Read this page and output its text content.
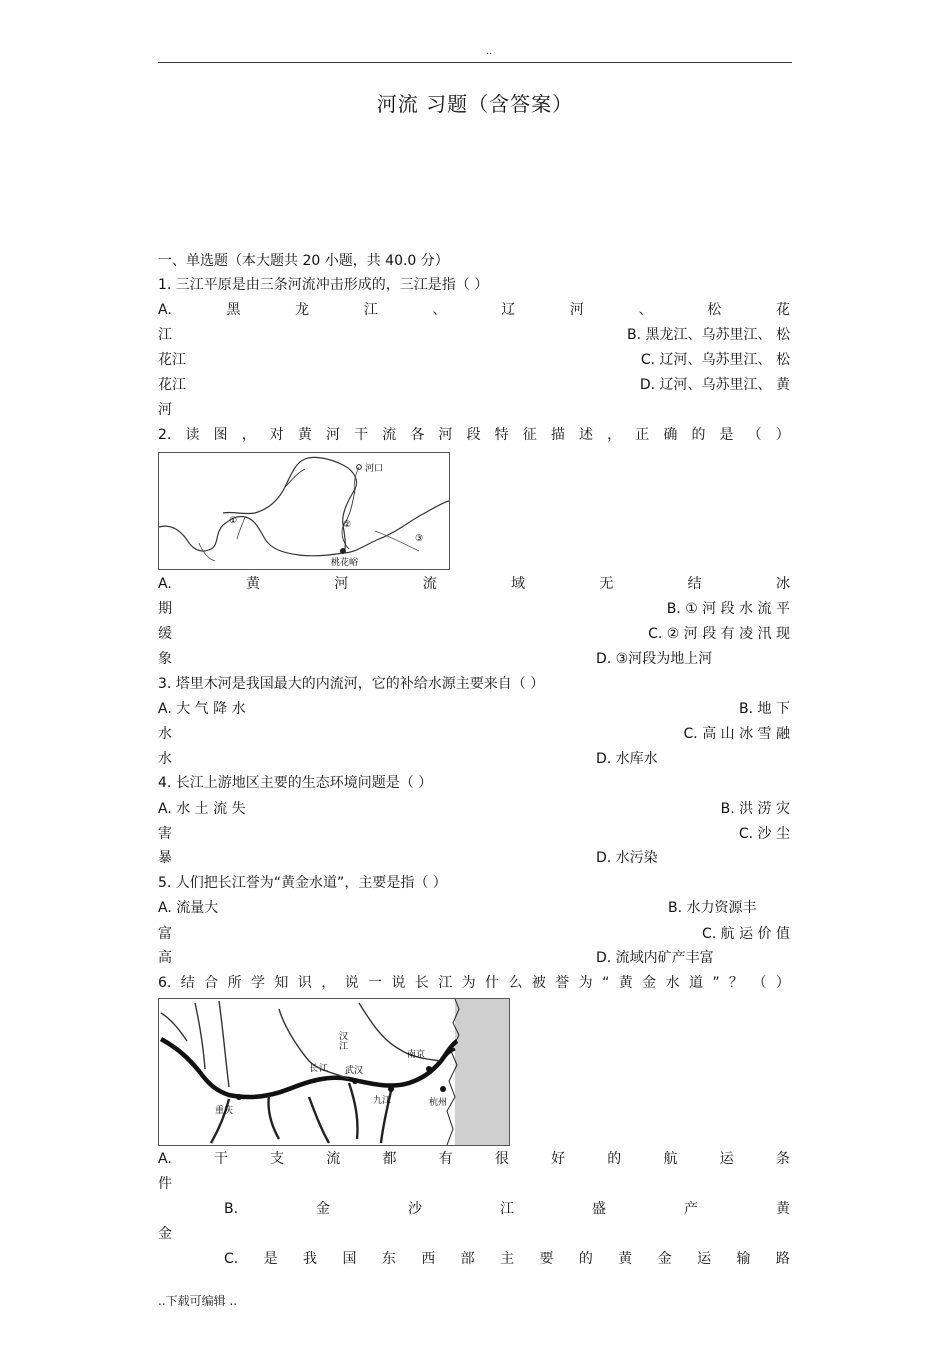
..
河流 习题（含答案）
一、单选题（本大题共 20 小题，共 40.0 分）
1. 三江平原是由三条河流冲击形成的，三江是指（ ）
A.	黑	龙	江	、	辽	河	、	松	花
江	B. 黑龙江、乌苏里江、 松
花江	C. 辽河、乌苏里江、 松
花江	D. 辽河、乌苏里江、 黄
河
2. 读 图 ， 对 黄 河 干 流 各 河 段 特 征 描 述 ， 正 确 的 是 （ ）
河口
桃花峪
①	②
③
A.	黄	河	流	域	无	结	冰
期	B. ① 河 段 水 流 平
缓	C. ② 河 段 有 凌 汛 现
象	D. ③河段为地上河
3. 塔里木河是我国最大的内流河，它的补给水源主要来自（ ）
A. 大 气 降 水	B. 地 下
水	C. 高 山 冰 雪 融
水	D. 水库水
4. 长江上游地区主要的生态环境问题是（ ）
A. 水 土 流 失	B. 洪 涝 灾
害	C. 沙 尘
暴	D. 水污染
5. 人们把长江誉为“黄金水道”，主要是指（ ）
A. 流量大	B. 水力资源丰
富	C. 航 运 价 值
高	D. 流域内矿产丰富
6. 结 合 所 学 知 识 ， 说 一 说 长 江 为 什 么 被 誉 为 “ 黄 金 水 道 ” ？ （ ）
重庆
武汉
九江
南京
杭州
长 江
汉
江
A.	干	支	流	都	有	很	好	的	航	运	条
件
B.	金	沙	江	盛	产	黄
金
C. 是 我 国 东 西 部 主 要 的 黄 金 运 输 路
..下载可编辑 ..
